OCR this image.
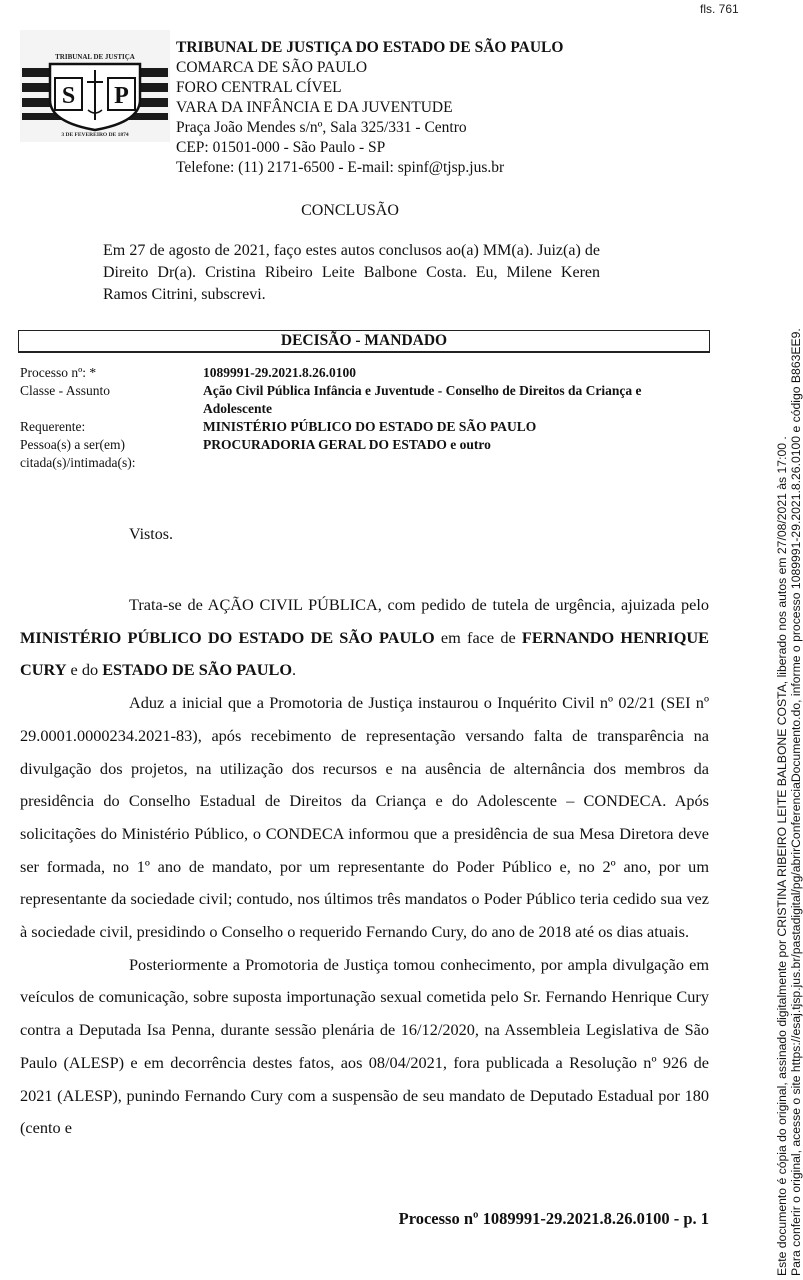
fls. 761
TRIBUNAL DE JUSTIÇA
S P
3 DE FEVEREIRO DE 1874
TRIBUNAL DE JUSTIÇA DO ESTADO DE SÃO PAULO
COMARCA DE SÃO PAULO
FORO CENTRAL CÍVEL
VARA DA INFÂNCIA E DA JUVENTUDE
Praça João Mendes s/nº, Sala 325/331 - Centro
CEP: 01501-000 - São Paulo - SP
Telefone: (11) 2171-6500 - E-mail: spinf@tjsp.jus.br
CONCLUSÃO
Em 27 de agosto de 2021, faço estes autos conclusos ao(a) MM(a). Juiz(a) de Direito Dr(a). Cristina Ribeiro Leite Balbone Costa. Eu, Milene Keren Ramos Citrini, subscrevi.
DECISÃO - MANDADO
Processo nº: *	1089991-29.2021.8.26.0100
Classe - Assunto	Ação Civil Pública Infância e Juventude - Conselho de Direitos da Criança e Adolescente
Requerente:	MINISTÉRIO PÚBLICO DO ESTADO DE SÃO PAULO
Pessoa(s) a ser(em) citada(s)/intimada(s):
PROCURADORIA GERAL DO ESTADO e outro
Vistos.

Trata-se de AÇÃO CIVIL PÚBLICA, com pedido de tutela de urgência, ajuizada pelo MINISTÉRIO PÚBLICO DO ESTADO DE SÃO PAULO em face de FERNANDO HENRIQUE CURY e do ESTADO DE SÃO PAULO.

Aduz a inicial que a Promotoria de Justiça instaurou o Inquérito Civil nº 02/21 (SEI nº 29.0001.0000234.2021-83), após recebimento de representação versando falta de transparência na divulgação dos projetos, na utilização dos recursos e na ausência de alternância dos membros da presidência do Conselho Estadual de Direitos da Criança e do Adolescente – CONDECA. Após solicitações do Ministério Público, o CONDECA informou que a presidência de sua Mesa Diretora deve ser formada, no 1º ano de mandato, por um representante do Poder Público e, no 2º ano, por um representante da sociedade civil; contudo, nos últimos três mandatos o Poder Público teria cedido sua vez à sociedade civil, presidindo o Conselho o requerido Fernando Cury, do ano de 2018 até os dias atuais.

Posteriormente a Promotoria de Justiça tomou conhecimento, por ampla divulgação em veículos de comunicação, sobre suposta importunação sexual cometida pelo Sr. Fernando Henrique Cury contra a Deputada Isa Penna, durante sessão plenária de 16/12/2020, na Assembleia Legislativa de São Paulo (ALESP) e em decorrência destes fatos, aos 08/04/2021, fora publicada a Resolução nº 926 de 2021 (ALESP), punindo Fernando Cury com a suspensão de seu mandato de Deputado Estadual por 180 (cento e

Processo nº 1089991-29.2021.8.26.0100 - p. 1	Este documento é cópia do original, assinado digitalmente por CRISTINA RIBEIRO LEITE BALBONE COSTA, liberado nos autos em 27/08/2021 às 17:00 . Para conferir o original, acesse o site https://esaj.tjsp.jus.br/pastadigital/pg/abrirConferenciaDocumento.do, informe o processo 1089991-29.2021.8.26.0100 e código B863EE9.
